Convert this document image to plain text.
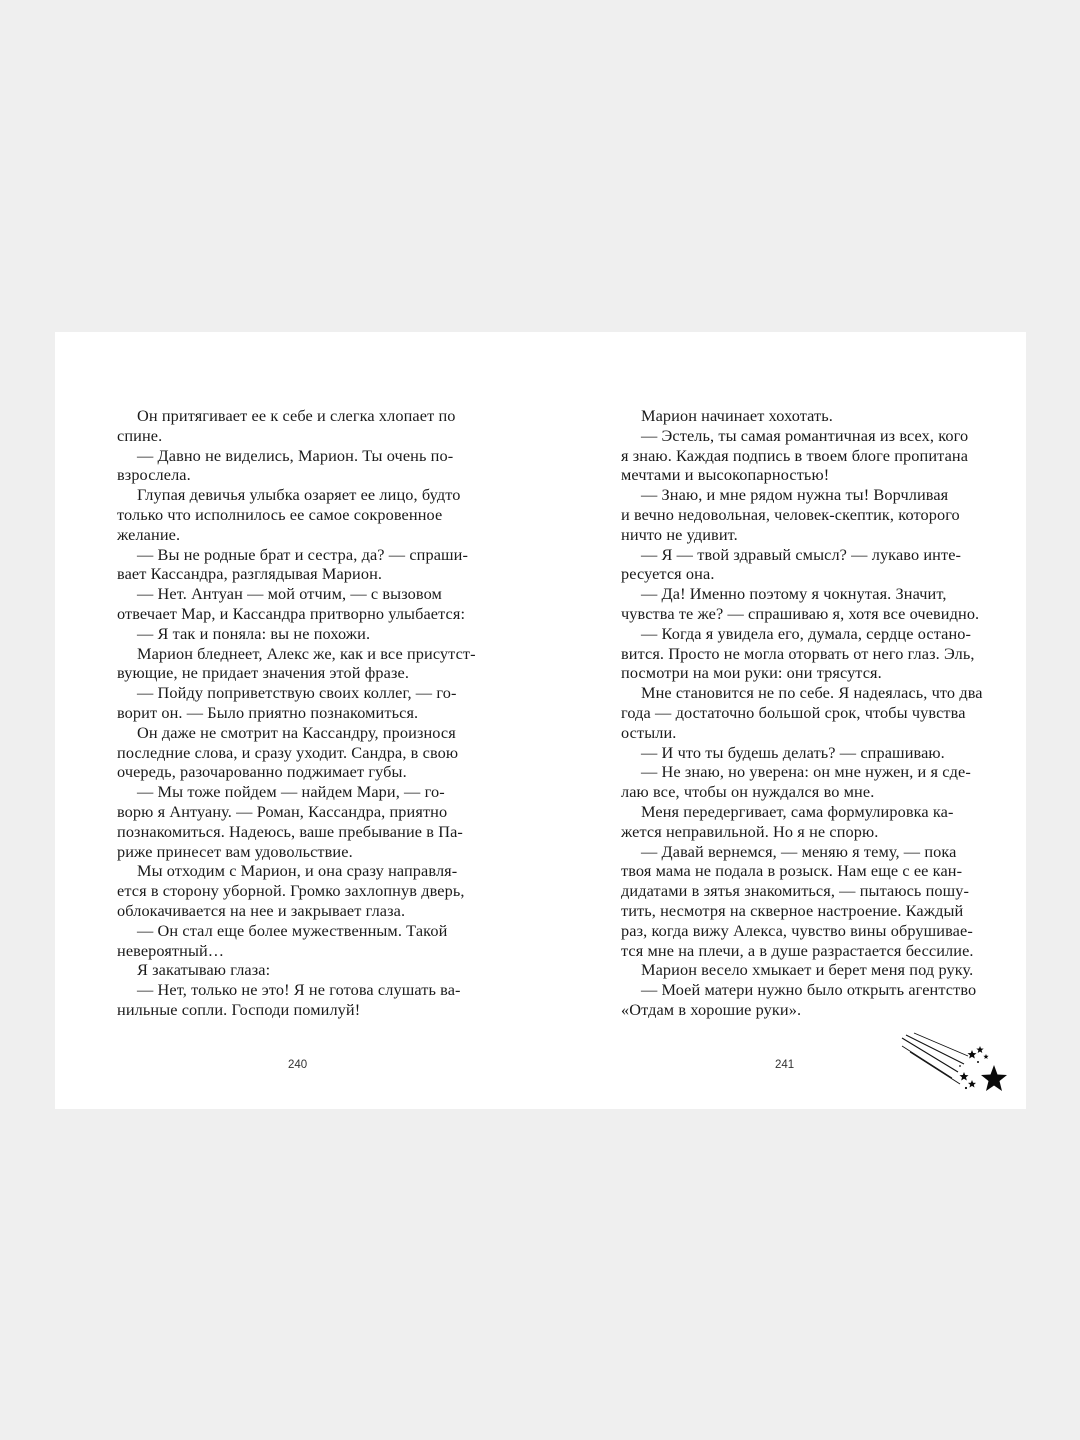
Он притягивает ее к себе и слегка хлопает по
спине.

— Давно не виделись, Марион. Ты очень по-
взрослела.

Глупая девичья улыбка озаряет ее лицо, будто
только что исполнилось ее самое сокровенное
желание.

— Вы не родные брат и сестра, да? — спраши-
вает Кассандра, разглядывая Марион.

— Нет. Антуан — мой отчим, — с вызовом
отвечает Мар, и Кассандра притворно улыбается:

— Я так и поняла: вы не похожи.

Марион бледнеет, Алекс же, как и все присутст-
вующие, не придает значения этой фразе.

— Пойду поприветствую своих коллег, — го-
ворит он. — Было приятно познакомиться.

Он даже не смотрит на Кассандру, произнося
последние слова, и сразу уходит. Сандра, в свою
очередь, разочарованно поджимает губы.

— Мы тоже пойдем — найдем Мари, — го-
ворю я Антуану. — Роман, Кассандра, приятно
познакомиться. Надеюсь, ваше пребывание в Па-
риже принесет вам удовольствие.

Мы отходим с Марион, и она сразу направля-
ется в сторону уборной. Громко захлопнув дверь,
облокачивается на нее и закрывает глаза.

— Он стал еще более мужественным. Такой
невероятный…

Я закатываю глаза:

— Нет, только не это! Я не готова слушать ва-
нильные сопли. Господи помилуй!

Марион начинает хохотать.

— Эстель, ты самая романтичная из всех, кого
я знаю. Каждая подпись в твоем блоге пропитана
мечтами и высокопарностью!

— Знаю, и мне рядом нужна ты! Ворчливая
и вечно недовольная, человек-скептик, которого
ничто не удивит.

— Я — твой здравый смысл? — лукаво инте-
ресуется она.

— Да! Именно поэтому я чокнутая. Значит,
чувства те же? — спрашиваю я, хотя все очевидно.

— Когда я увидела его, думала, сердце остано-
вится. Просто не могла оторвать от него глаз. Эль,
посмотри на мои руки: они трясутся.

Мне становится не по себе. Я надеялась, что два
года — достаточно большой срок, чтобы чувства
остыли.

— И что ты будешь делать? — спрашиваю.

— Не знаю, но уверена: он мне нужен, и я сде-
лаю все, чтобы он нуждался во мне.

Меня передергивает, сама формулировка ка-
жется неправильной. Но я не спорю.

— Давай вернемся, — меняю я тему, — пока
твоя мама не подала в розыск. Нам еще с ее кан-
дидатами в зятья знакомиться, — пытаюсь пошу-
тить, несмотря на скверное настроение. Каждый
раз, когда вижу Алекса, чувство вины обрушивае-
тся мне на плечи, а в душе разрастается бессилие.

Марион весело хмыкает и берет меня под руку.

— Моей матери нужно было открыть агентство
«Отдам в хорошие руки».

240	241
